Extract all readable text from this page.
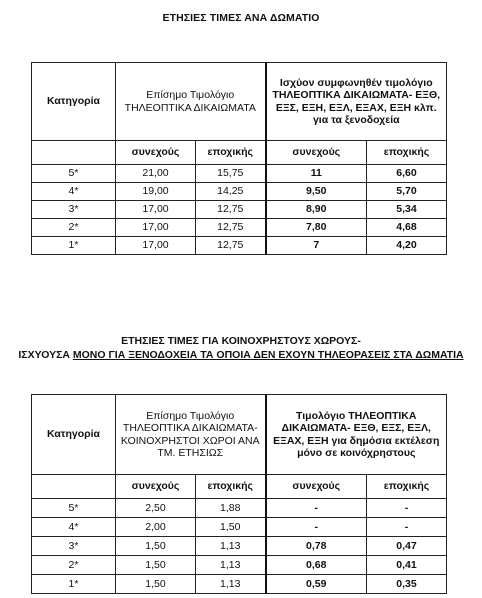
ΕΤΗΣΙΕΣ ΤΙΜΕΣ ΑΝΑ ΔΩΜΑΤΙΟ
Κατηγορία	Επίσημο Τιμολόγιο ΤΗΛΕΟΠΤΙΚΑ ΔΙΚΑΙΩΜΑΤΑ		Ισχύον συμφωνηθέν τιμολόγιο ΤΗΛΕΟΠΤΙΚΑ ΔΙΚΑΙΩΜΑΤΑ- ΕΞΘ, ΕΞΣ, ΕΞΗ, ΕΞΛ, ΕΞΑΧ, ΕΞΗ κλπ. για τα ξενοδοχεία	
	συνεχούς	εποχικής	συνεχούς	εποχικής
5*	21,00	15,75	11	6,60
4*	19,00	14,25	9,50	5,70
3*	17,00	12,75	8,90	5,34
2*	17,00	12,75	7,80	4,68
1*	17,00	12,75	7	4,20
ΕΤΗΣΙΕΣ ΤΙΜΕΣ ΓΙΑ ΚΟΙΝΟΧΡΗΣΤΟΥΣ ΧΩΡΟΥΣ-
ΙΣΧΥΟΥΣΑ ΜΟΝΟ ΓΙΑ ΞΕΝΟΔΟΧΕΙΑ ΤΑ ΟΠΟΙΑ ΔΕΝ ΕΧΟΥΝ ΤΗΛΕΟΡΑΣΕΙΣ ΣΤΑ ΔΩΜΑΤΙΑ
Κατηγορία	Επίσημο Τιμολόγιο ΤΗΛΕΟΠΤΙΚΑ ΔΙΚΑΙΩΜΑΤΑ- ΚΟΙΝΟΧΡΗΣΤΟΙ ΧΩΡΟΙ ΑΝΑ ΤΜ. ΕΤΗΣΙΩΣ		Τιμολόγιο ΤΗΛΕΟΠΤΙΚΑ ΔΙΚΑΙΩΜΑΤΑ- ΕΞΘ, ΕΞΣ, ΕΞΛ, ΕΞΑΧ, ΕΞΗ για δημόσια εκτέλεση μόνο σε κοινόχρηστους	
	συνεχούς	εποχικής	συνεχούς	εποχικής
5*	2,50	1,88	-	-
4*	2,00	1,50	-	-
3*	1,50	1,13	0,78	0,47
2*	1,50	1,13	0,68	0,41
1*	1,50	1,13	0,59	0,35
